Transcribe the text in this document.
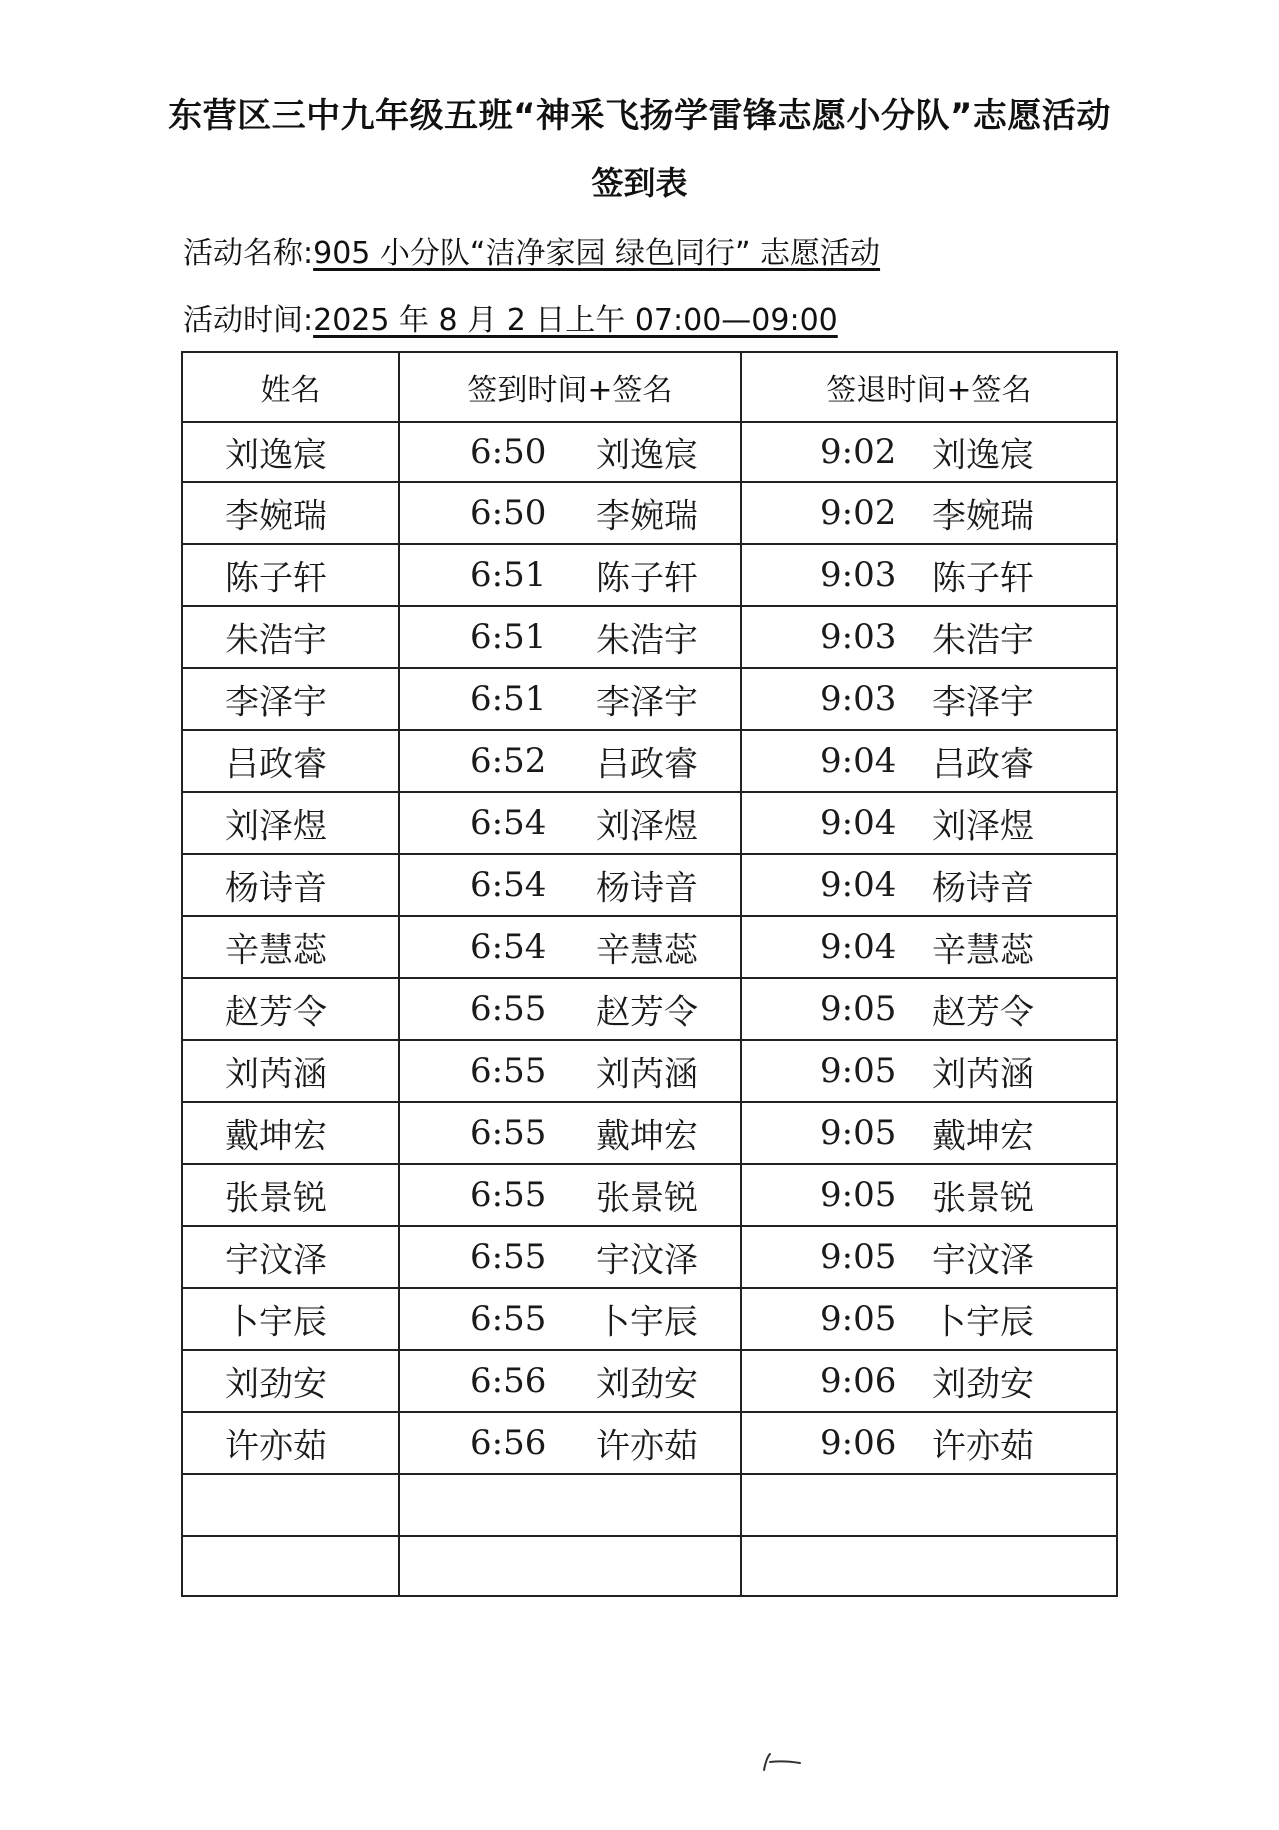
东营区三中九年级五班“神采飞扬学雷锋志愿小分队”志愿活动
签到表
活动名称:905 小分队“洁净家园 绿色同行” 志愿活动
活动时间:2025 年 8 月 2 日上午 07:00—09:00
姓名	签到时间+签名	签退时间+签名

刘逸宸	6:50 刘逸宸	9:02 刘逸宸

李婉瑞	6:50 李婉瑞	9:02 李婉瑞

陈子轩	6:51 陈子轩	9:03 陈子轩

朱浩宇	6:51 朱浩宇	9:03 朱浩宇

李泽宇	6:51 李泽宇	9:03 李泽宇

吕政睿	6:52 吕政睿	9:04 吕政睿

刘泽煜	6:54 刘泽煜	9:04 刘泽煜

杨诗音	6:54 杨诗音	9:04 杨诗音

辛慧蕊	6:54 辛慧蕊	9:04 辛慧蕊

赵芳令	6:55 赵芳令	9:05 赵芳令

刘芮涵	6:55 刘芮涵	9:05 刘芮涵

戴坤宏	6:55 戴坤宏	9:05 戴坤宏

张景锐	6:55 张景锐	9:05 张景锐

宇汶泽	6:55 宇汶泽	9:05 宇汶泽

卜宇辰	6:55 卜宇辰	9:05 卜宇辰

刘劲安	6:56 刘劲安	9:06 刘劲安

许亦茹	6:56 许亦茹	9:06 许亦茹
